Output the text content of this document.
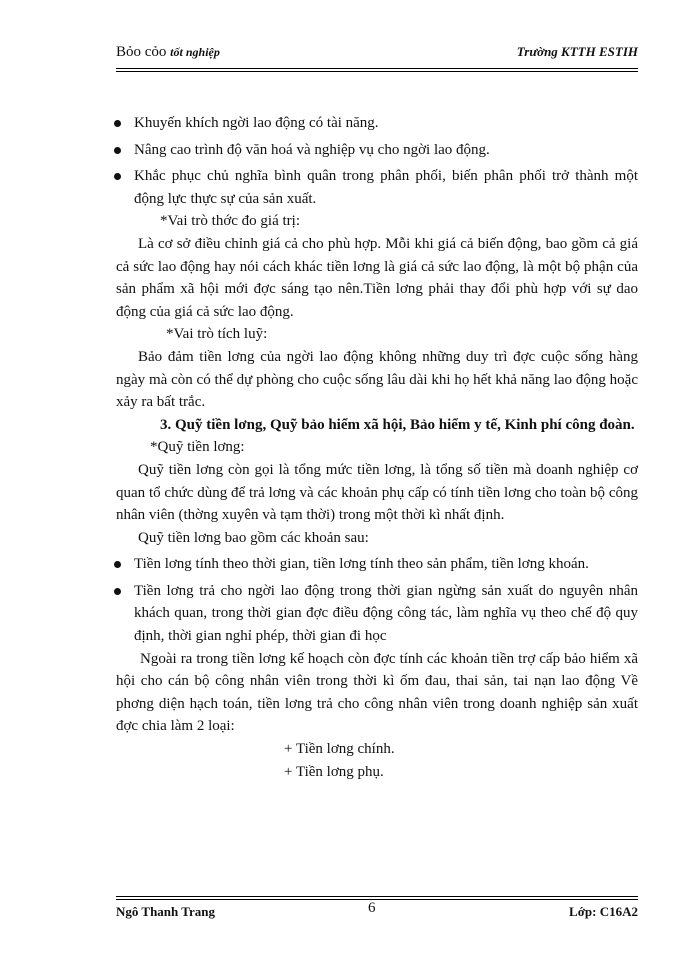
Bỏo cỏo tốt nghiệp	Trường KTTH ESTIH
Khuyến khích ngời lao động có tài năng.
Nâng cao trình độ văn hoá và nghiệp vụ cho ngời lao động.
Khắc phục chủ nghĩa bình quân trong phân phối, biến phân phối trở thành một động lực thực sự của sản xuất.

*Vai trò thớc đo giá trị:

Là cơ sở điều chỉnh giá cả cho phù hợp. Mỗi khi giá cả biến động, bao gồm cả giá cả sức lao động hay nói cách khác tiền lơng là giá cả sức lao động, là một bộ phận của sản phẩm xã hội mới đợc sáng tạo nên.Tiền lơng phải thay đổi phù hợp với sự dao động của giá cả sức lao động.

*Vai trò tích luỹ:

Bảo đảm tiền lơng của ngời lao động không những duy trì đợc cuộc sống hàng ngày mà còn có thể dự phòng cho cuộc sống lâu dài khi họ hết khả năng lao động hoặc xảy ra bất trắc.

3. Quỹ tiền lơng, Quỹ bảo hiểm xã hội, Bảo hiểm y tế, Kinh phí công đoàn.

*Quỹ tiền lơng:

Quỹ tiền lơng còn gọi là tổng mức tiền lơng, là tổng số tiền mà doanh nghiệp cơ quan tổ chức dùng để trả lơng và các khoản phụ cấp có tính tiền lơng cho toàn bộ công nhân viên (thờng xuyên và tạm thời) trong một thời kì nhất định.

Quỹ tiền lơng bao gồm các khoản sau:

Tiền lơng tính theo thời gian, tiền lơng tính theo sản phẩm, tiền lơng khoán.
Tiền lơng trả cho ngời lao động trong thời gian ngừng sản xuất do nguyên nhân khách quan, trong thời gian đợc điều động công tác, làm nghĩa vụ theo chế độ quy định, thời gian nghỉ phép, thời gian đi học

Ngoài ra trong tiền lơng kế hoạch còn đợc tính các khoản tiền trợ cấp bảo hiểm xã hội cho cán bộ công nhân viên trong thời kì ốm đau, thai sản, tai nạn lao động Về phơng diện hạch toán, tiền lơng trả cho công nhân viên trong doanh nghiệp sản xuất đợc chia làm 2 loại:

+ Tiền lơng chính.

+ Tiền lơng phụ.

Ngô Thanh Trang	6	Lớp: C16A2
